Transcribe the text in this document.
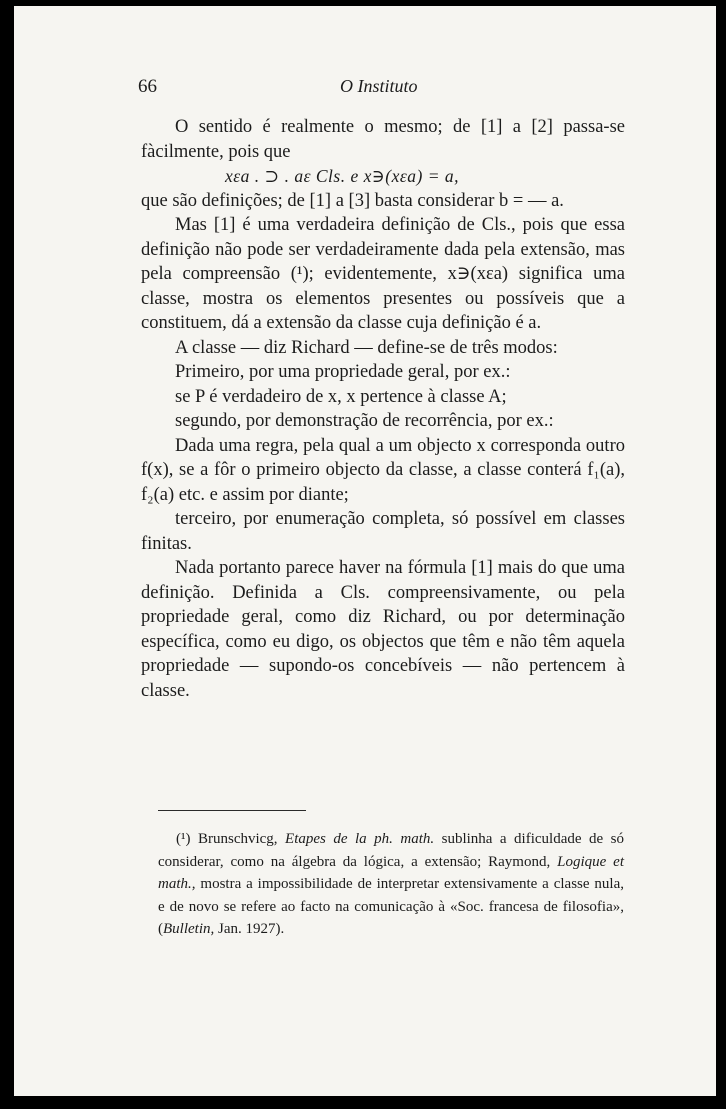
66	O Instituto

O sentido é realmente o mesmo; de [1] a [2] passa-se fàcilmente, pois que

xεa . ⊃ . aε Cls. e x∋(xεa) = a,

que são definições; de [1] a [3] basta considerar b = — a.

Mas [1] é uma verdadeira definição de Cls., pois que essa definição não pode ser verdadeiramente dada pela extensão, mas pela compreensão (¹); evidentemente, x∋(xεa) significa uma classe, mostra os elementos presentes ou possíveis que a constituem, dá a extensão da classe cuja definição é a.

A classe — diz Richard — define-se de três modos:

Primeiro, por uma propriedade geral, por ex.:

se P é verdadeiro de x, x pertence à classe A;

segundo, por demonstração de recorrência, por ex.:

Dada uma regra, pela qual a um objecto x corresponda outro f(x), se a fôr o primeiro objecto da classe, a classe conterá f₁(a), f₂(a) etc. e assim por diante;

terceiro, por enumeração completa, só possível em classes finitas.

Nada portanto parece haver na fórmula [1] mais do que uma definição. Definida a Cls. compreensivamente, ou pela propriedade geral, como diz Richard, ou por determinação específica, como eu digo, os objectos que têm e não têm aquela propriedade — supondo-os concebíveis — não pertencem à classe.

(¹) Brunschvicg, Etapes de la ph. math. sublinha a dificuldade de só considerar, como na álgebra da lógica, a extensão; Raymond, Logique et math., mostra a impossibilidade de interpretar extensivamente a classe nula, e de novo se refere ao facto na comunicação à «Soc. francesa de filosofia», (Bulletin, Jan. 1927).
